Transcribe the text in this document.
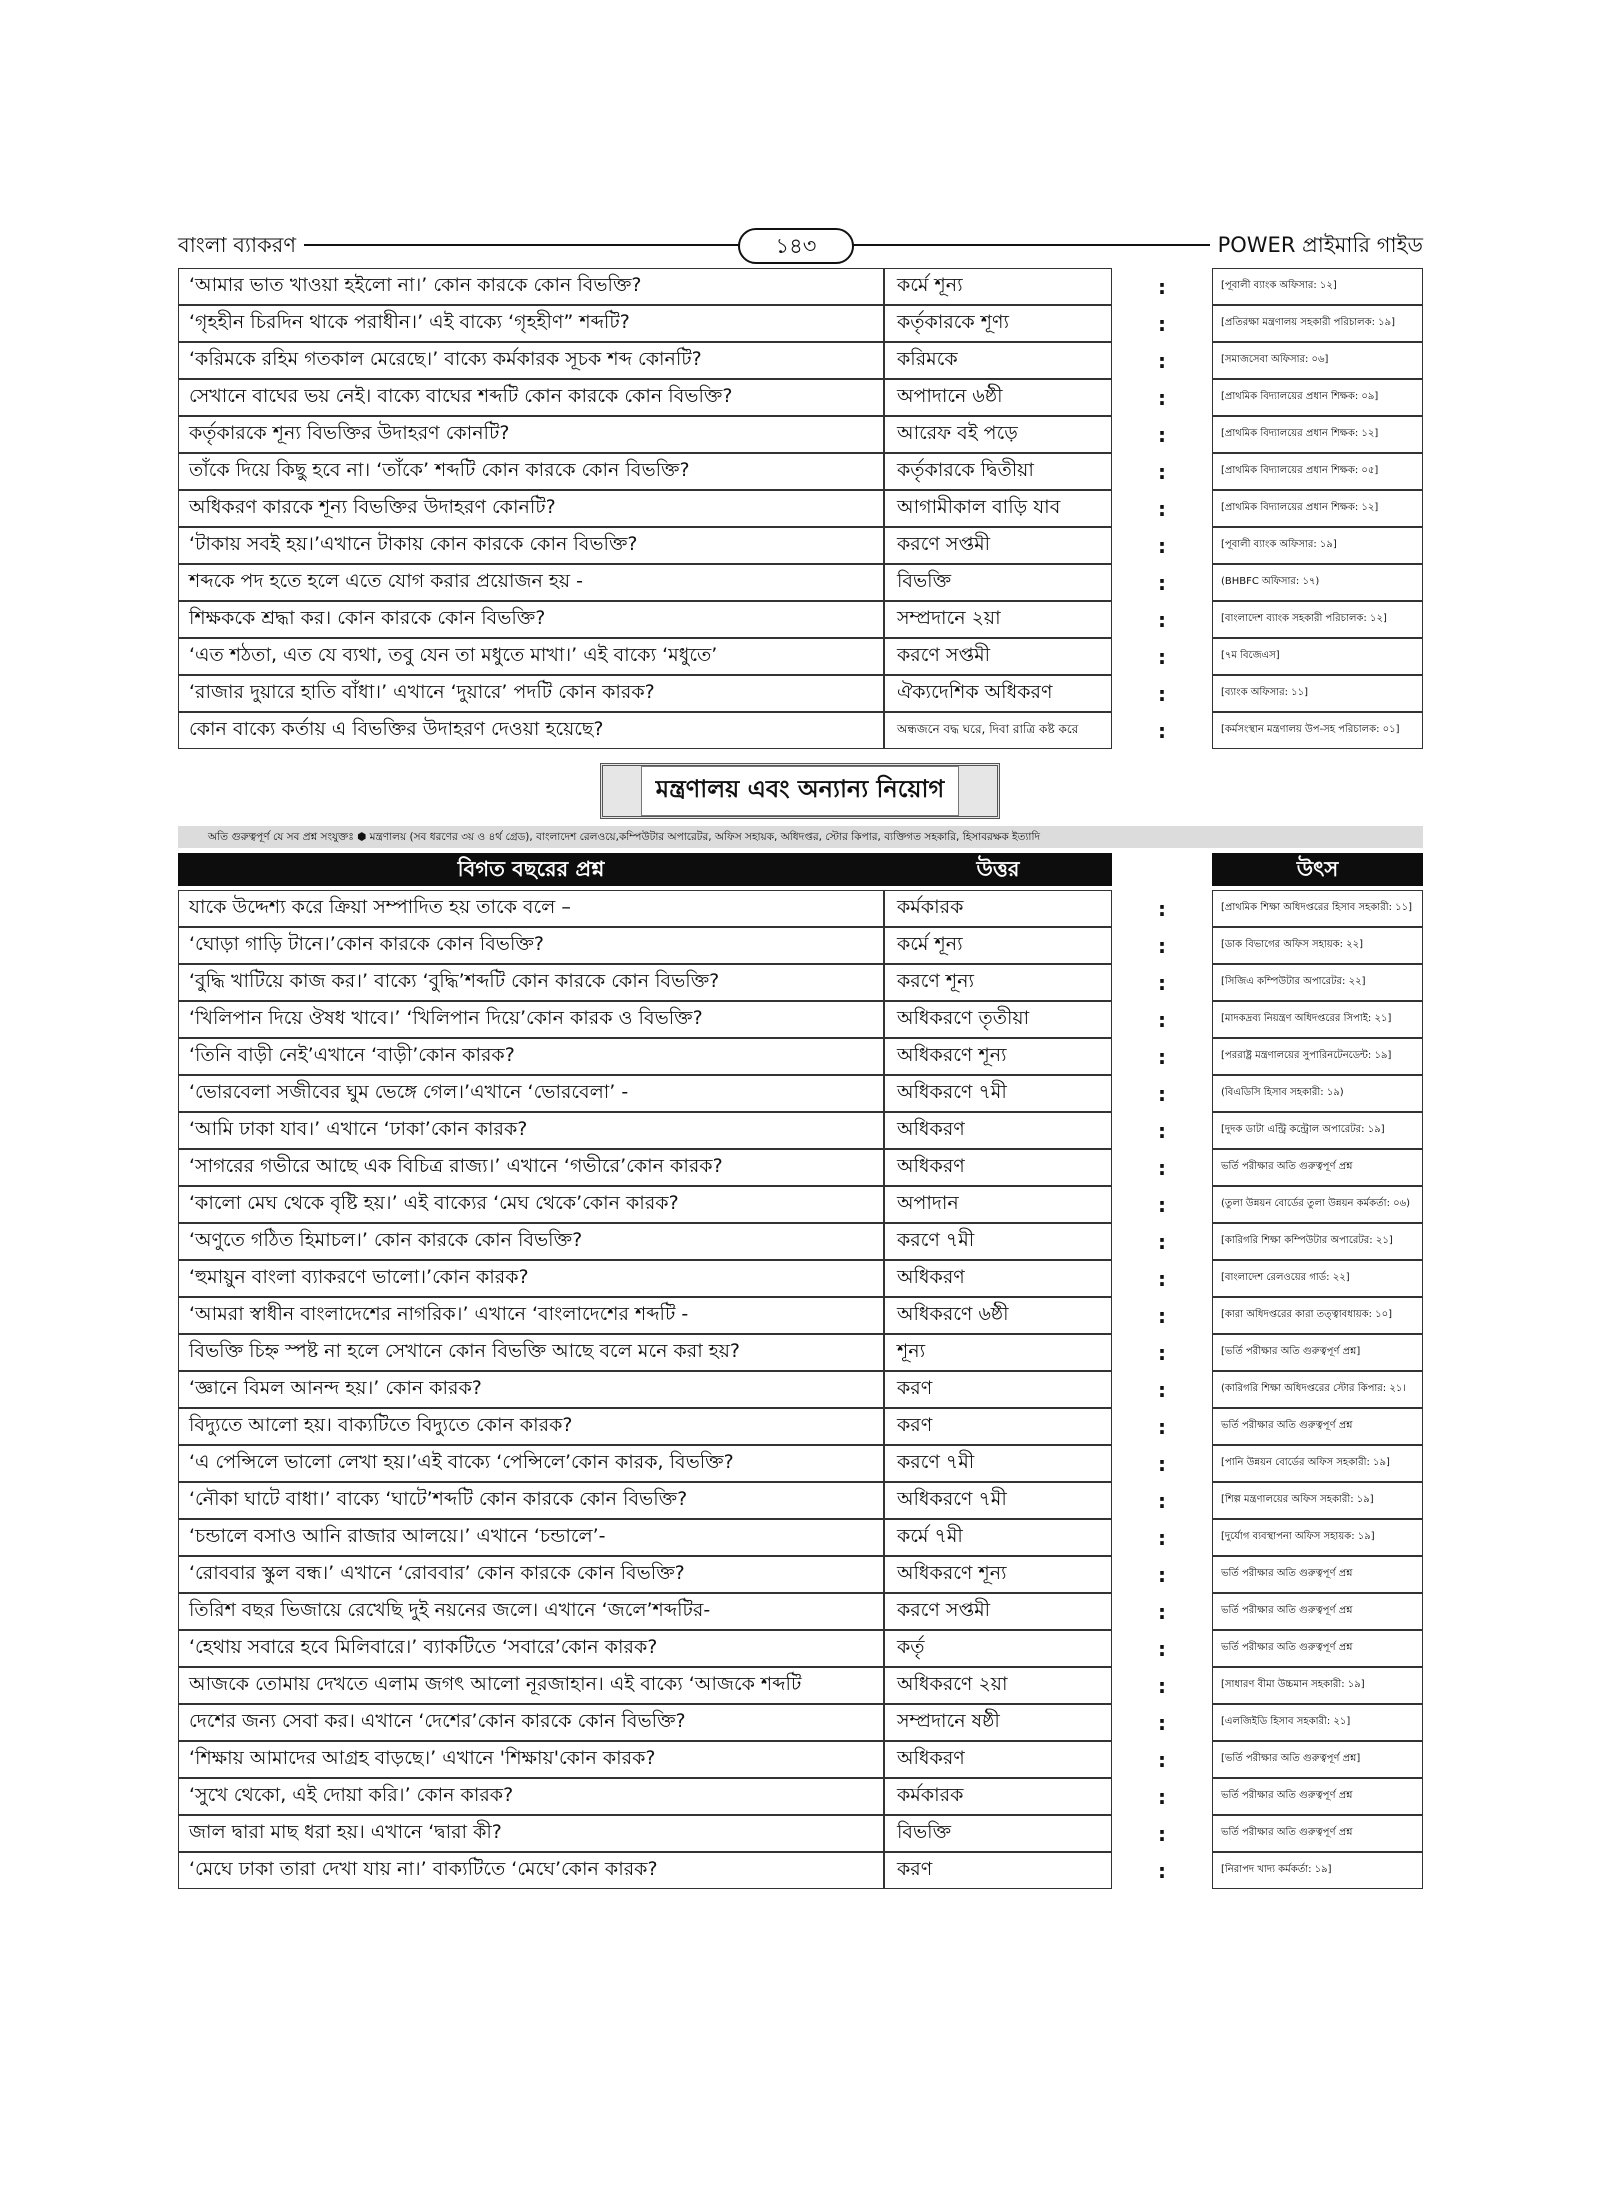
বাংলা ব্যাকরণ	১৪৩	POWER প্রাইমারি গাইড
‘আমার ভাত খাওয়া হইলো না।’ কোন কারকে কোন বিভক্তি?	কর্মে শূন্য	:	[পূবালী ব্যাংক অফিসার: ১২]
‘গৃহহীন চিরদিন থাকে পরাধীন।’ এই বাক্যে ‘গৃহহীণ” শব্দটি?	কর্তৃকারকে শূণ্য	:	[প্রতিরক্ষা মন্ত্রণালয় সহকারী পরিচালক: ১৯]
‘করিমকে রহিম গতকাল মেরেছে।’ বাক্যে কর্মকারক সূচক শব্দ কোনটি?	করিমকে	:	[সমাজসেবা অফিসার: ০৬]
সেখানে বাঘের ভয় নেই। বাক্যে বাঘের শব্দটি কোন কারকে কোন বিভক্তি?	অপাদানে ৬ষ্ঠী	:	[প্রাথমিক বিদ্যালয়ের প্রধান শিক্ষক: ০৯]
কর্তৃকারকে শূন্য বিভক্তির উদাহরণ কোনটি?	আরেফ বই পড়ে	:	[প্রাথমিক বিদ্যালয়ের প্রধান শিক্ষক: ১২]
তাঁকে দিয়ে কিছু হবে না। ‘তাঁকে’ শব্দটি কোন কারকে কোন বিভক্তি?	কর্তৃকারকে দ্বিতীয়া	:	[প্রাথমিক বিদ্যালয়ের প্রধান শিক্ষক: ০৫]
অধিকরণ কারকে শূন্য বিভক্তির উদাহরণ কোনটি?	আগামীকাল বাড়ি যাব	:	[প্রাথমিক বিদ্যালয়ের প্রধান শিক্ষক: ১২]
‘টাকায় সবই হয়।’এখানে টাকায় কোন কারকে কোন বিভক্তি?	করণে সপ্তমী	:	[পূবালী ব্যাংক অফিসার: ১৯]
শব্দকে পদ হতে হলে এতে যোগ করার প্রয়োজন হয় -	বিভক্তি	:	(BHBFC অফিসার: ১৭)
শিক্ষককে শ্রদ্ধা কর। কোন কারকে কোন বিভক্তি?	সম্প্রদানে ২য়া	:	[বাংলাদেশ ব্যাংক সহকারী পরিচালক: ১২]
‘এত শঠতা, এত যে ব্যথা, তবু যেন তা মধুতে মাখা।’ এই বাক্যে ‘মধুতে’	করণে সপ্তমী	:	[৭ম বিজেএস]
‘রাজার দুয়ারে হাতি বাঁধা।’ এখানে ‘দুয়ারে’ পদটি কোন কারক?	ঐক্যদেশিক অধিকরণ	:	[ব্যাংক অফিসার: ১১]
কোন বাক্যে কর্তায় এ বিভক্তির উদাহরণ দেওয়া হয়েছে?	অন্ধজনে বদ্ধ ঘরে, দিবা রাত্রি কষ্ট করে	:	[কর্মসংস্থান মন্ত্রণালয় উপ-সহ পরিচালক: ০১]
মন্ত্রণালয় এবং অন্যান্য নিয়োগ
অতি গুরুত্বপূর্ণ যে সব প্রশ্ন সংযুক্তঃ ⬢ মন্ত্রণালয় (সব ধরণের ৩য় ও ৪র্থ গ্রেড), বাংলাদেশ রেলওয়ে,কম্পিউটার অপারেটর, অফিস সহায়ক, অধিদপ্তর, স্টোর কিপার, ব্যক্তিগত সহকারি, হিসাবরক্ষক ইত্যাদি
বিগত বছরের প্রশ্ন	উত্তর	উৎস
যাকে উদ্দেশ্য করে ক্রিয়া সম্পাদিত হয় তাকে বলে –	কর্মকারক	:	[প্রাথমিক শিক্ষা অধিদপ্তরের হিসাব সহকারী: ১১]
‘ঘোড়া গাড়ি টানে।’কোন কারকে কোন বিভক্তি?	কর্মে শূন্য	:	[ডাক বিভাগের অফিস সহায়ক: ২২]
‘বুদ্ধি খাটিয়ে কাজ কর।’ বাক্যে ‘বুদ্ধি’শব্দটি কোন কারকে কোন বিভক্তি?	করণে শূন্য	:	[সিজিএ কম্পিউটার অপারেটর: ২২]
‘খিলিপান দিয়ে ঔষধ খাবে।’ ‘খিলিপান দিয়ে’কোন কারক ও বিভক্তি?	অধিকরণে তৃতীয়া	:	[মাদকদ্রব্য নিয়ন্ত্রণ অধিদপ্তরের সিপাই: ২১]
‘তিনি বাড়ী নেই’এখানে ‘বাড়ী’কোন কারক?	অধিকরণে শূন্য	:	[পররাষ্ট্র মন্ত্রণালয়ের সুপারিনটেনডেন্ট: ১৯]
‘ভোরবেলা সজীবের ঘুম ভেঙ্গে গেল।’এখানে ‘ভোরবেলা’ -	অধিকরণে ৭মী	:	(বিএডিসি হিসাব সহকারী: ১৯)
‘আমি ঢাকা যাব।’ এখানে ‘ঢাকা’কোন কারক?	অধিকরণ	:	[দুদক ডাটা এন্ট্রি কন্ট্রোল অপারেটর: ১৯]
‘সাগরের গভীরে আছে এক বিচিত্র রাজ্য।’ এখানে ‘গভীরে’কোন কারক?	অধিকরণ	:	ভর্তি পরীক্ষার অতি গুরুত্বপূর্ণ প্রশ্ন
‘কালো মেঘ থেকে বৃষ্টি হয়।’ এই বাক্যের ‘মেঘ থেকে’কোন কারক?	অপাদান	:	(তুলা উন্নয়ন বোর্ডের তুলা উন্নয়ন কর্মকর্তা: ০৬)
‘অণুতে গঠিত হিমাচল।’ কোন কারকে কোন বিভক্তি?	করণে ৭মী	:	[কারিগরি শিক্ষা কম্পিউটার অপারেটর: ২১]
‘হুমায়ুন বাংলা ব্যাকরণে ভালো।’কোন কারক?	অধিকরণ	:	[বাংলাদেশ রেলওয়ের গার্ড: ২২]
‘আমরা স্বাধীন বাংলাদেশের নাগরিক।’ এখানে ‘বাংলাদেশের শব্দটি -	অধিকরণে ৬ষ্ঠী	:	[কারা অধিদপ্তরের কারা তত্ত্বাবধায়ক: ১০]
বিভক্তি চিহ্ন স্পষ্ট না হলে সেখানে কোন বিভক্তি আছে বলে মনে করা হয়?	শূন্য	:	[ভর্তি পরীক্ষার অতি গুরুত্বপূর্ণ প্রশ্ন]
‘জ্ঞানে বিমল আনন্দ হয়।’ কোন কারক?	করণ	:	(কারিগরি শিক্ষা অধিদপ্তরের স্টোর কিপার: ২১।
বিদ্যুতে আলো হয়। বাক্যটিতে বিদ্যুতে কোন কারক?	করণ	:	ভর্তি পরীক্ষার অতি গুরুত্বপূর্ণ প্রশ্ন
‘এ পেন্সিলে ভালো লেখা হয়।’এই বাক্যে ‘পেন্সিলে’কোন কারক, বিভক্তি?	করণে ৭মী	:	[পানি উন্নয়ন বোর্ডের অফিস সহকারী: ১৯]
‘নৌকা ঘাটে বাধা।’ বাক্যে ‘ঘাটে’শব্দটি কোন কারকে কোন বিভক্তি?	অধিকরণে ৭মী	:	[শিল্প মন্ত্রণালয়ের অফিস সহকারী: ১৯]
‘চন্ডালে বসাও আনি রাজার আলয়ে।’ এখানে ‘চন্ডালে’-	কর্মে ৭মী	:	[দুর্যোগ ব্যবস্থাপনা অফিস সহায়ক: ১৯]
‘রোববার স্কুল বন্ধ।’ এখানে ‘রোববার’ কোন কারকে কোন বিভক্তি?	অধিকরণে শূন্য	:	ভর্তি পরীক্ষার অতি গুরুত্বপূর্ণ প্রশ্ন
তিরিশ বছর ভিজায়ে রেখেছি দুই নয়নের জলে। এখানে ‘জলে’শব্দটির-	করণে সপ্তমী	:	ভর্তি পরীক্ষার অতি গুরুত্বপূর্ণ প্রশ্ন
‘হেথায় সবারে হবে মিলিবারে।’ ব্যাকটিতে ‘সবারে’কোন কারক?	কর্তৃ	:	ভর্তি পরীক্ষার অতি গুরুত্বপূর্ণ প্রশ্ন
আজকে তোমায় দেখতে এলাম জগৎ আলো নূরজাহান। এই বাক্যে ‘আজকে শব্দটি	অধিকরণে ২য়া	:	[সাধারণ বীমা উচ্চমান সহকারী: ১৯]
দেশের জন্য সেবা কর। এখানে ‘দেশের’কোন কারকে কোন বিভক্তি?	সম্প্রদানে ষষ্ঠী	:	[এলজিইডি হিসাব সহকারী: ২১]
‘শিক্ষায় আমাদের আগ্রহ বাড়ছে।’ এখানে 'শিক্ষায়'কোন কারক?	অধিকরণ	:	[ভর্তি পরীক্ষার অতি গুরুত্বপূর্ণ প্রশ্ন]
‘সুখে থেকো, এই দোয়া করি।’ কোন কারক?	কর্মকারক	:	ভর্তি পরীক্ষার অতি গুরুত্বপূর্ণ প্রশ্ন
জাল দ্বারা মাছ ধরা হয়। এখানে ‘দ্বারা কী?	বিভক্তি	:	ভর্তি পরীক্ষার অতি গুরুত্বপূর্ণ প্রশ্ন
‘মেঘে ঢাকা তারা দেখা যায় না।’ বাক্যটিতে ‘মেঘে’কোন কারক?	করণ	:	[নিরাপদ খাদ্য কর্মকর্তা: ১৯]
